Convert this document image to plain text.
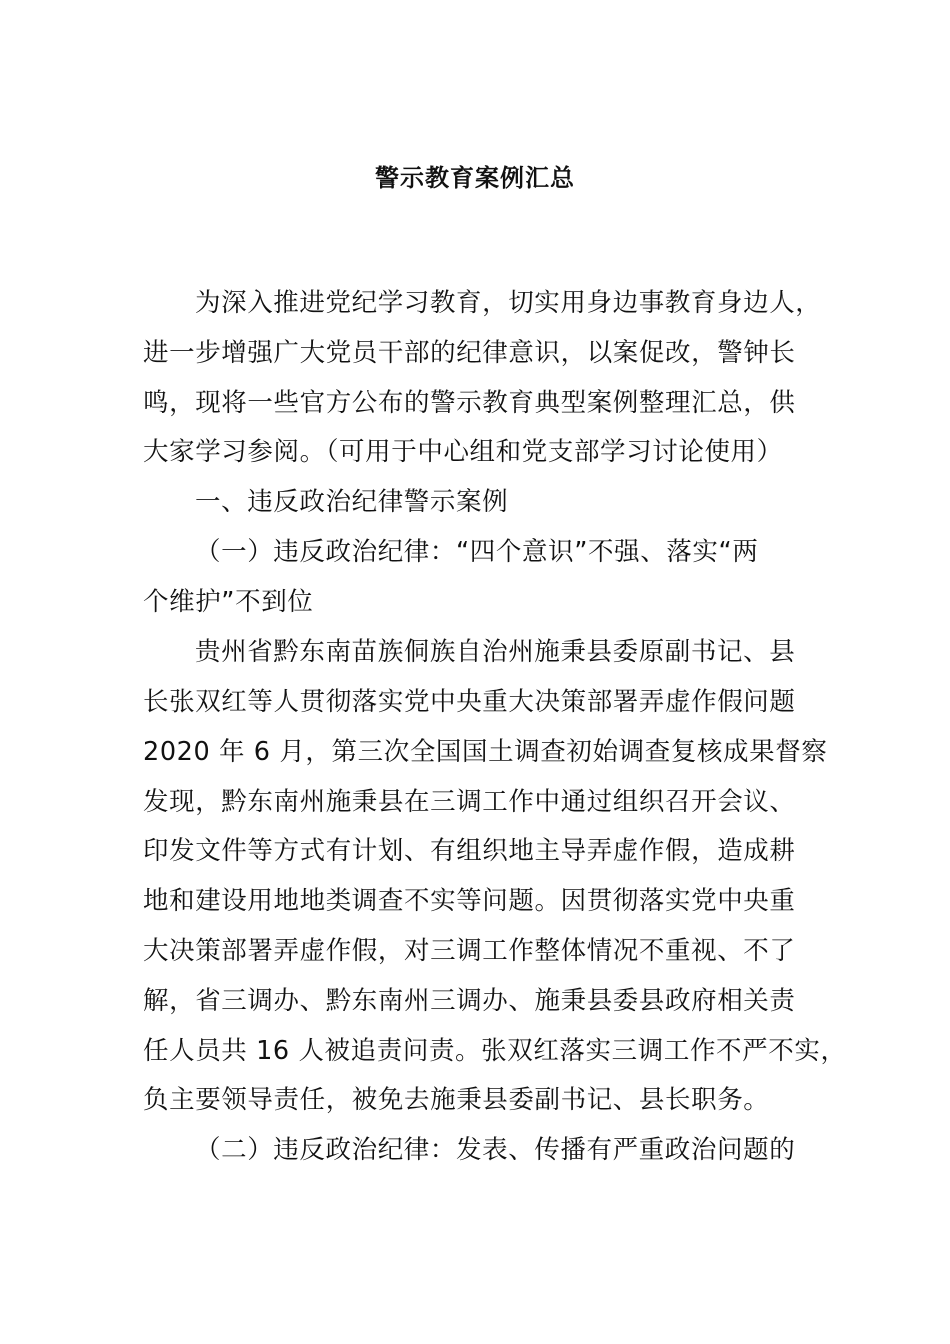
警示教育案例汇总
为深入推进党纪学习教育，切实用身边事教育身边人，
进一步增强广大党员干部的纪律意识，以案促改，警钟长
鸣，现将一些官方公布的警示教育典型案例整理汇总，供
大家学习参阅。（可用于中心组和党支部学习讨论使用）
一、违反政治纪律警示案例
（一）违反政治纪律：“四个意识”不强、落实“两
个维护”不到位
贵州省黔东南苗族侗族自治州施秉县委原副书记、县
长张双红等人贯彻落实党中央重大决策部署弄虚作假问题
2020 年 6 月，第三次全国国土调查初始调查复核成果督察
发现，黔东南州施秉县在三调工作中通过组织召开会议、
印发文件等方式有计划、有组织地主导弄虚作假，造成耕
地和建设用地地类调查不实等问题。因贯彻落实党中央重
大决策部署弄虚作假，对三调工作整体情况不重视、不了
解，省三调办、黔东南州三调办、施秉县委县政府相关责
任人员共 16 人被追责问责。张双红落实三调工作不严不实，
负主要领导责任，被免去施秉县委副书记、县长职务。
（二）违反政治纪律：发表、传播有严重政治问题的
